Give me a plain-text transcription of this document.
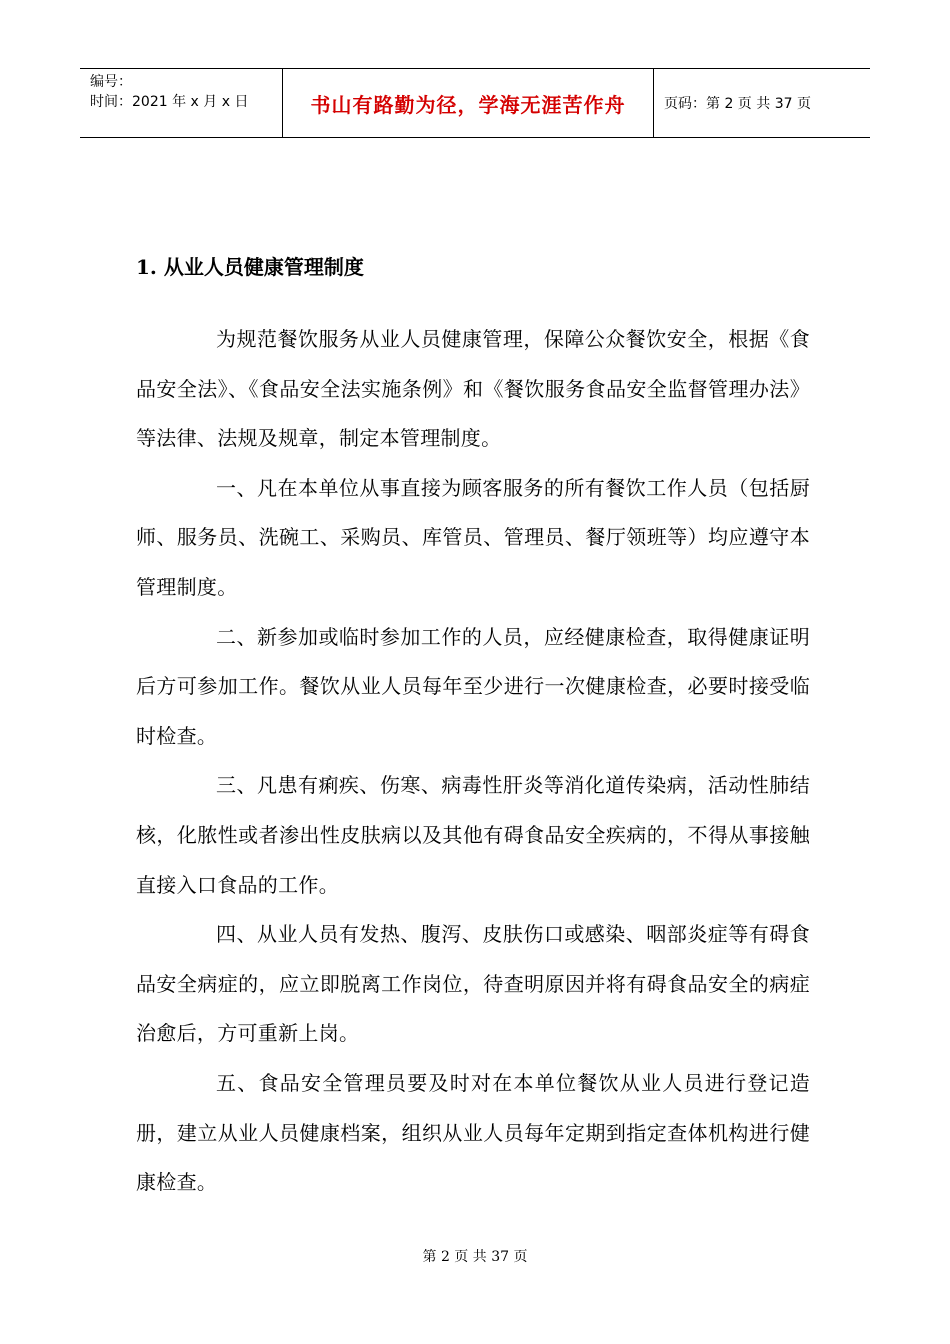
编号：
时间：2021 年 x 月 x 日	书山有路勤为径，学海无涯苦作舟	页码：第 2 页 共 37 页
1. 从业人员健康管理制度

为规范餐饮服务从业人员健康管理，保障公众餐饮安全，根据《食品安全法》、《食品安全法实施条例》和《餐饮服务食品安全监督管理办法》等法律、法规及规章，制定本管理制度。

一、凡在本单位从事直接为顾客服务的所有餐饮工作人员（包括厨师、服务员、洗碗工、采购员、库管员、管理员、餐厅领班等）均应遵守本管理制度。

二、新参加或临时参加工作的人员，应经健康检查，取得健康证明后方可参加工作。餐饮从业人员每年至少进行一次健康检查，必要时接受临时检查。

三、凡患有痢疾、伤寒、病毒性肝炎等消化道传染病，活动性肺结核，化脓性或者渗出性皮肤病以及其他有碍食品安全疾病的，不得从事接触直接入口食品的工作。

四、从业人员有发热、腹泻、皮肤伤口或感染、咽部炎症等有碍食品安全病症的，应立即脱离工作岗位，待查明原因并将有碍食品安全的病症治愈后，方可重新上岗。

五、食品安全管理员要及时对在本单位餐饮从业人员进行登记造册，建立从业人员健康档案，组织从业人员每年定期到指定查体机构进行健康检查。

第 2 页 共 37 页
